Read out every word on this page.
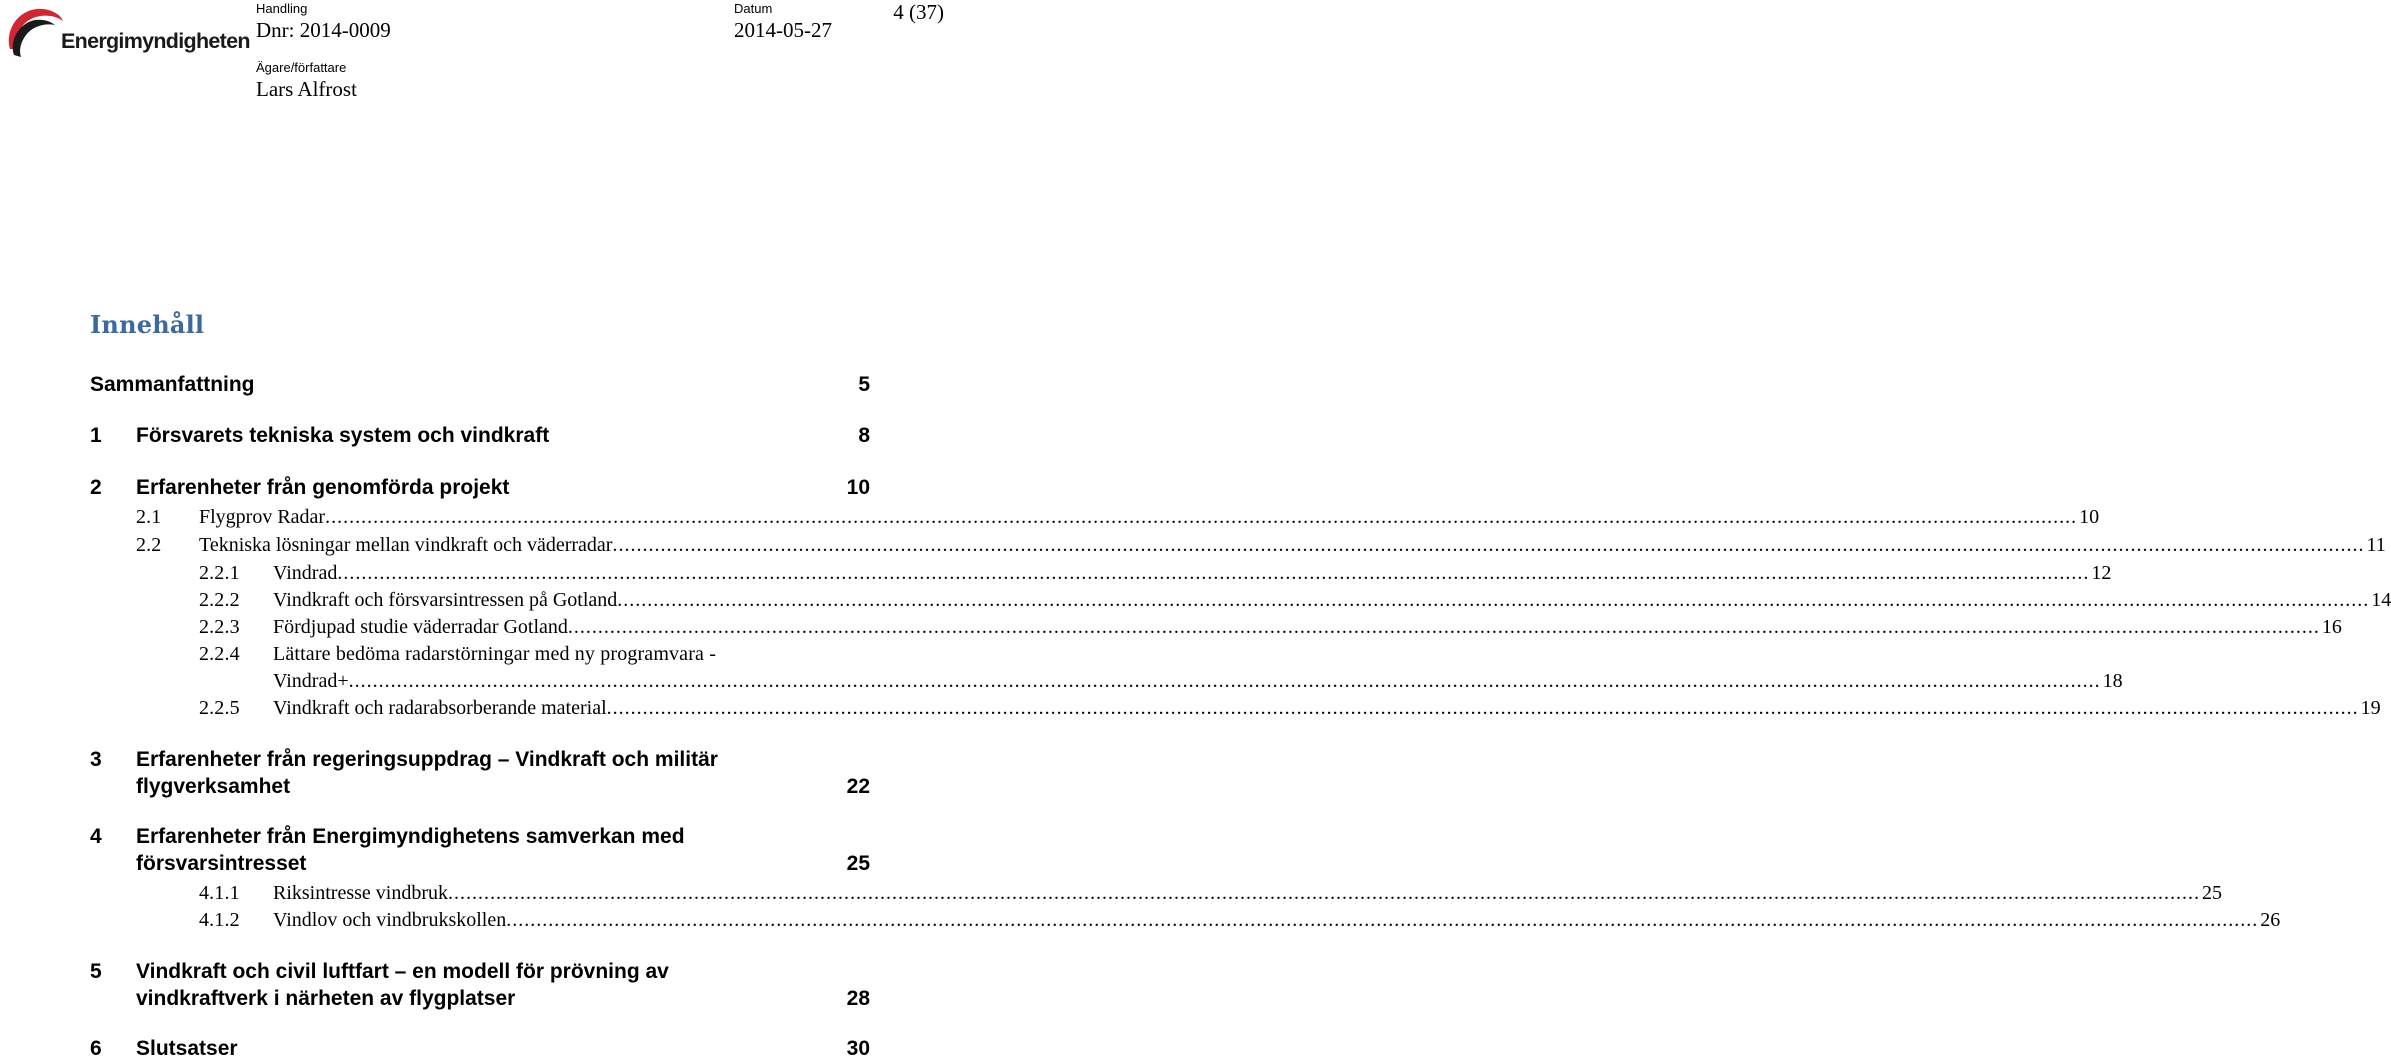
Energimyndigheten
Handling
Dnr: 2014-0009
Datum
2014-05-27
4 (37)
Ägare/författare
Lars Alfrost
Innehåll
Sammanfattning	5
1 Försvarets tekniska system och vindkraft	8
2 Erfarenheter från genomförda projekt	10
2.1	Flygprov Radar .................................................................................................................................................................................................................................................................................................... 10
2.2	Tekniska lösningar mellan vindkraft och väderradar .................................................................................................................................................................................................................................................................................................... 11
2.2.1	Vindrad .................................................................................................................................................................................................................................................................................................... 12
2.2.2	Vindkraft och försvarsintressen på Gotland .................................................................................................................................................................................................................................................................................................... 14
2.2.3	Fördjupad studie väderradar Gotland .................................................................................................................................................................................................................................................................................................... 16
2.2.4	Lättare bedöma radarstörningar med ny programvara -
Vindrad+ .................................................................................................................................................................................................................................................................................................... 18
2.2.5	Vindkraft och radarabsorberande material .................................................................................................................................................................................................................................................................................................... 19
3 Erfarenheter från regeringsuppdrag – Vindkraft och militär
flygverksamhet	22
4 Erfarenheter från Energimyndighetens samverkan med
försvarsintresset	25
4.1.1	Riksintresse vindbruk .................................................................................................................................................................................................................................................................................................... 25
4.1.2	Vindlov och vindbrukskollen .................................................................................................................................................................................................................................................................................................... 26
5 Vindkraft och civil luftfart – en modell för prövning av
vindkraftverk i närheten av flygplatser	28
6 Slutsatser	30
